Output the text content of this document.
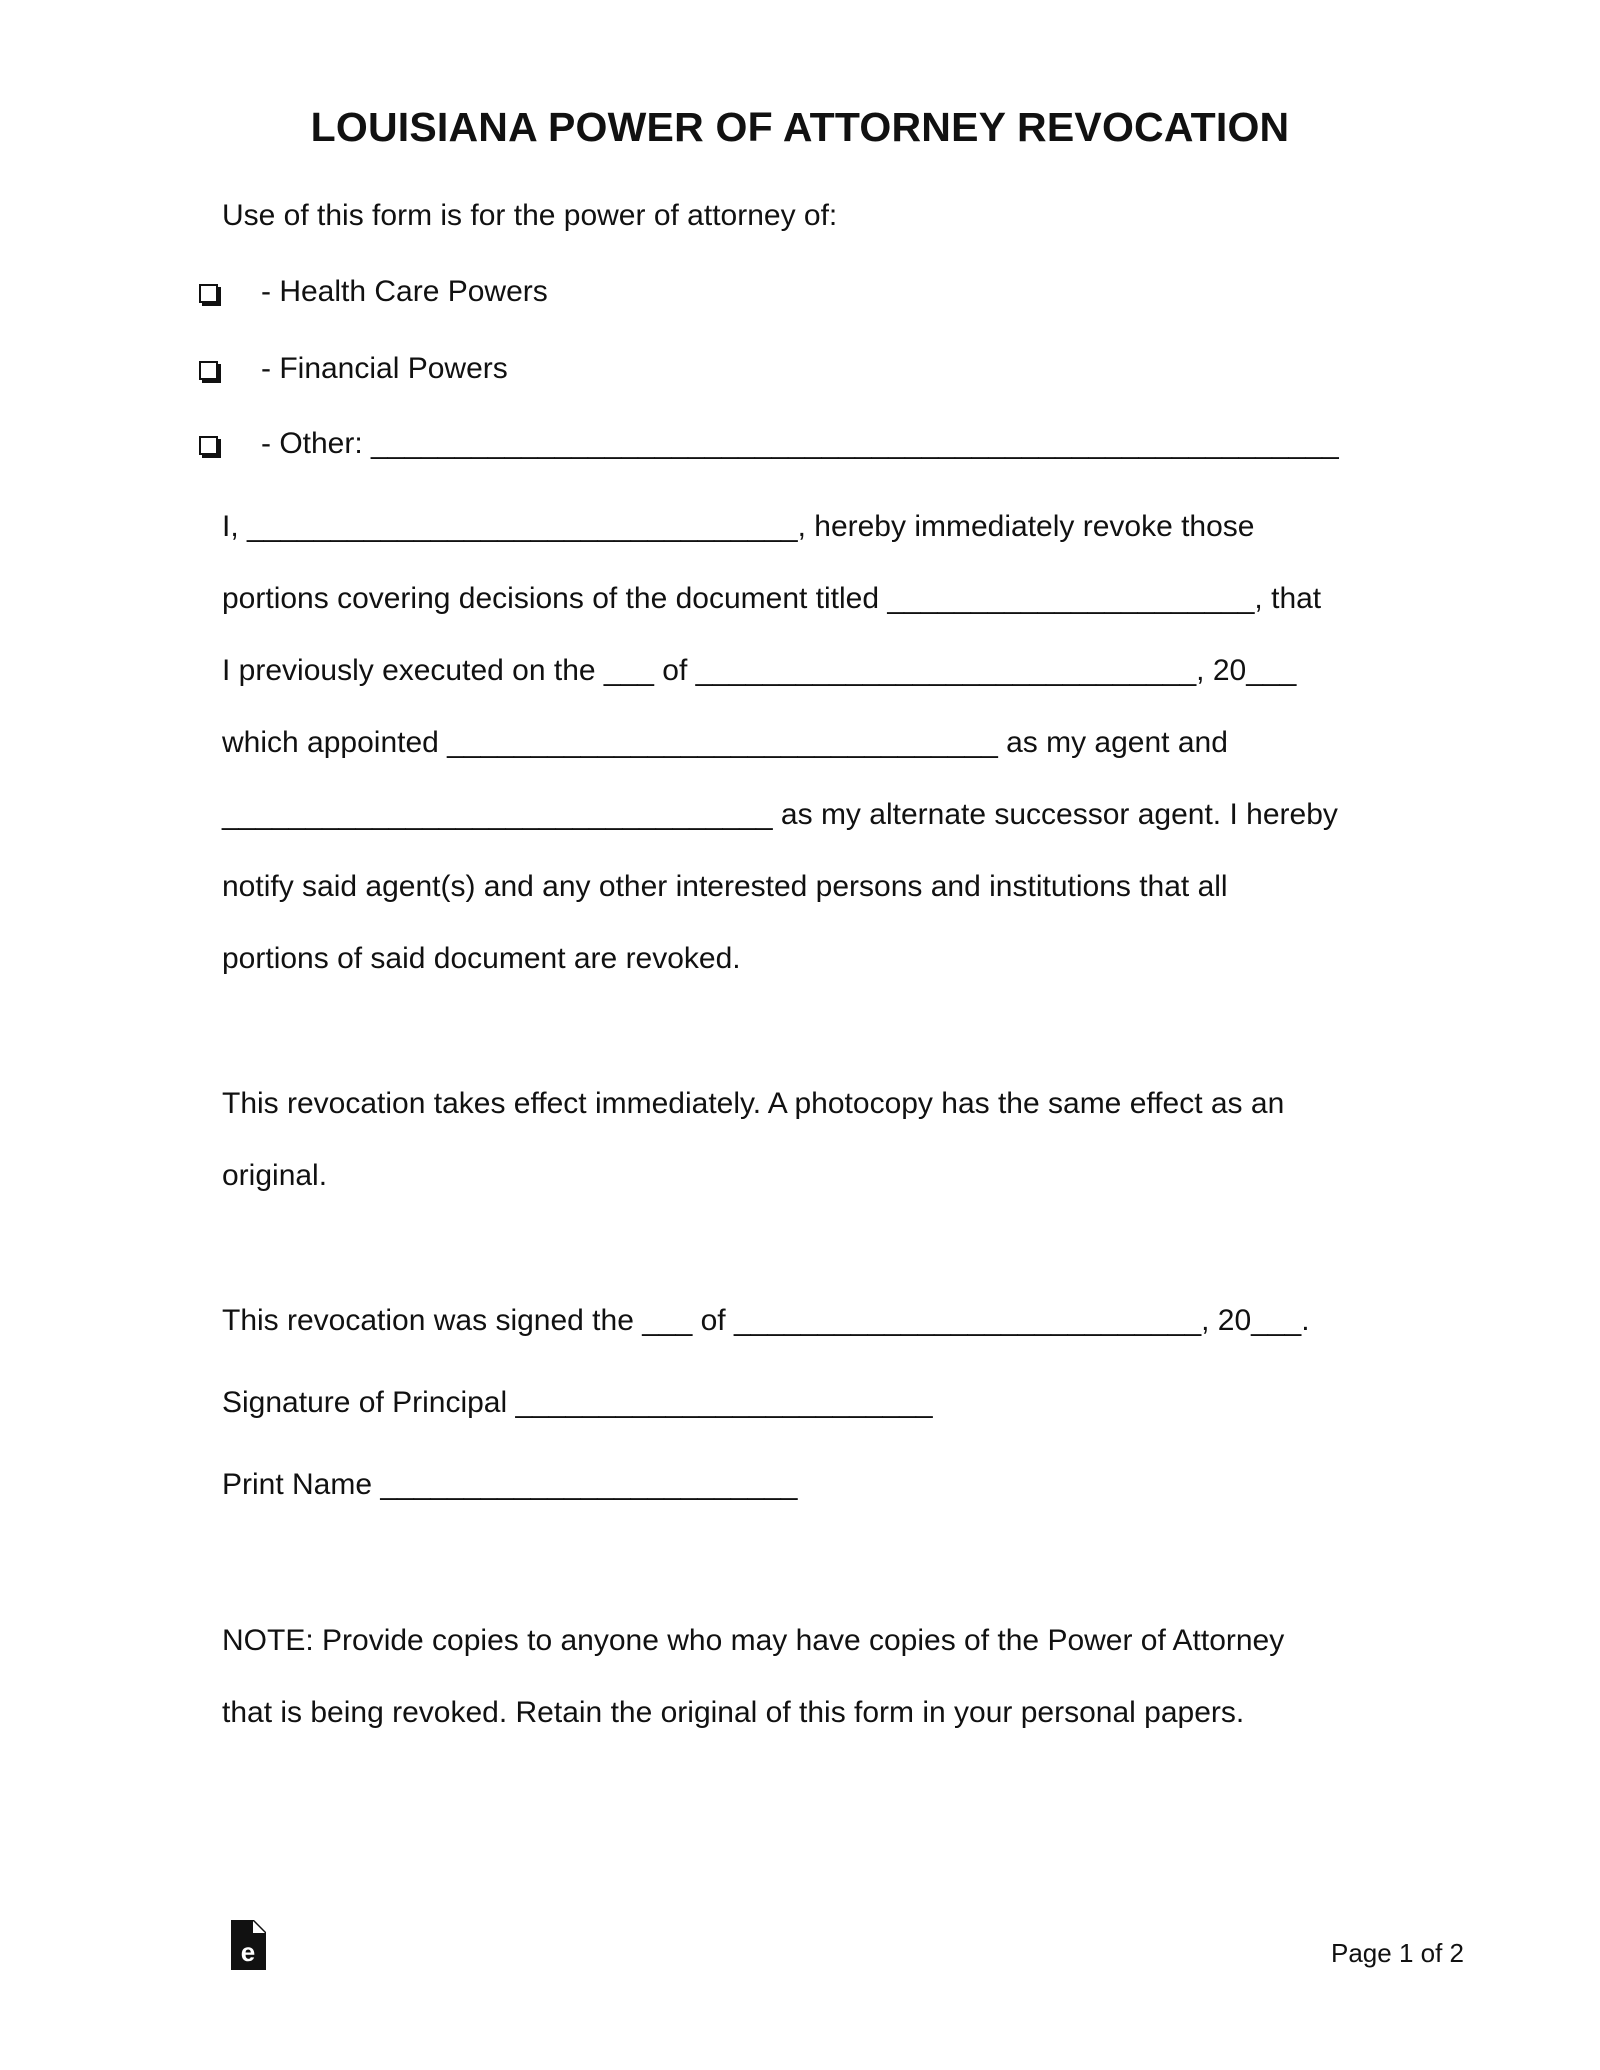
LOUISIANA POWER OF ATTORNEY REVOCATION
Use of this form is for the power of attorney of:
- Health Care Powers
- Financial Powers
- Other: __________________________________________________________
I, _________________________________, hereby immediately revoke those
portions covering decisions of the document titled ______________________, that
I previously executed on the ___ of ______________________________, 20___
which appointed _________________________________ as my agent and
_________________________________ as my alternate successor agent. I hereby
notify said agent(s) and any other interested persons and institutions that all
portions of said document are revoked.
This revocation takes effect immediately. A photocopy has the same effect as an
original.
This revocation was signed the ___ of ____________________________, 20___.
Signature of Principal _________________________
Print Name _________________________
NOTE: Provide copies to anyone who may have copies of the Power of Attorney
that is being revoked. Retain the original of this form in your personal papers.
e	Page 1 of 2
